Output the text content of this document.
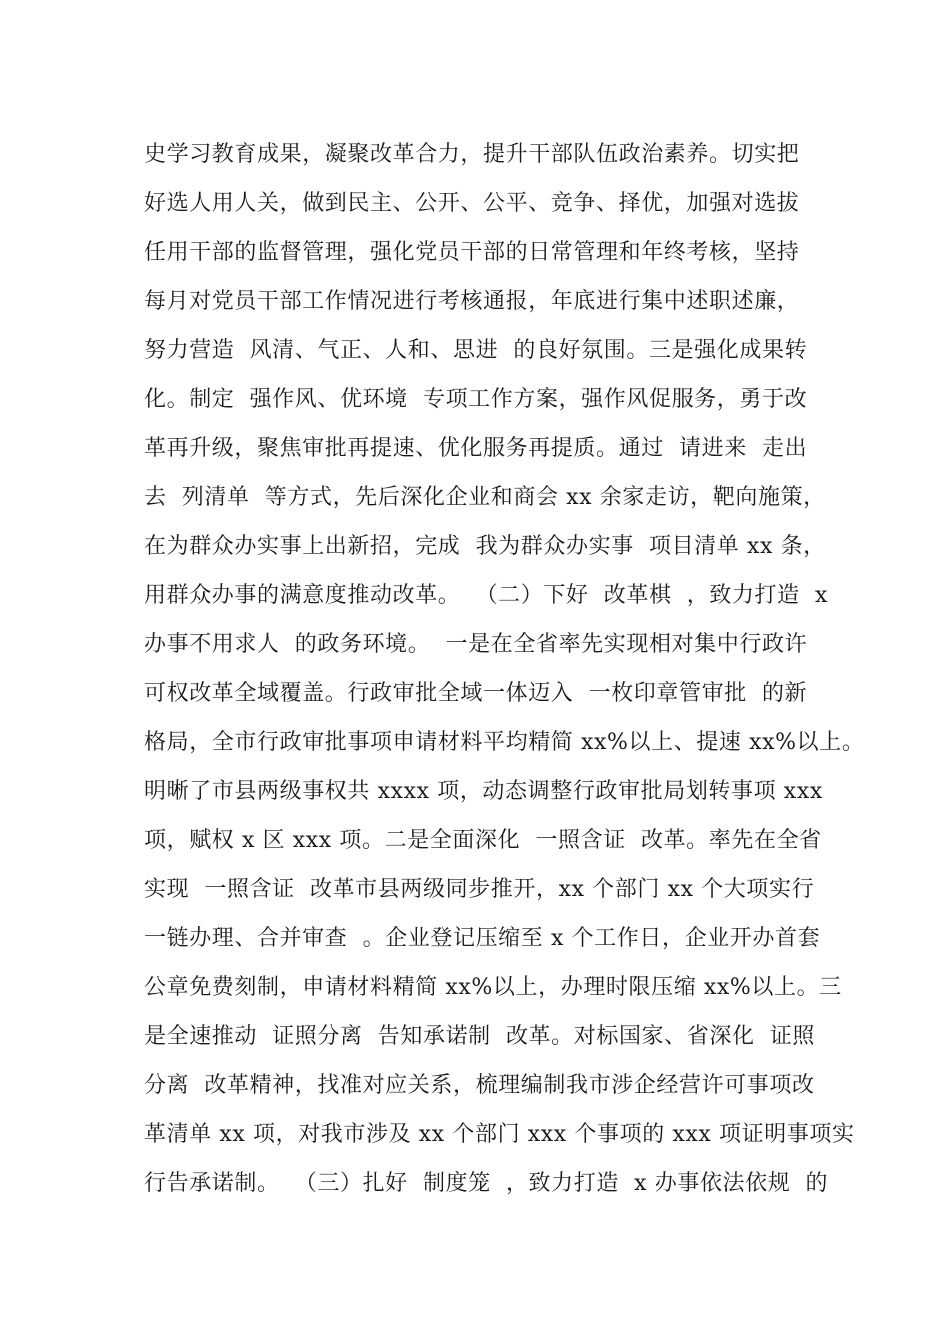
史学习教育成果，凝聚改革合力，提升干部队伍政治素养。切实把
好选人用人关，做到民主、公开、公平、竞争、择优，加强对选拔
任用干部的监督管理，强化党员干部的日常管理和年终考核，坚持
每月对党员干部工作情况进行考核通报，年底进行集中述职述廉，
努力营造  风清、气正、人和、思进  的良好氛围。三是强化成果转
化。制定  强作风、优环境  专项工作方案，强作风促服务，勇于改
革再升级，聚焦审批再提速、优化服务再提质。通过  请进来  走出
去  列清单  等方式，先后深化企业和商会 xx 余家走访，靶向施策，
在为群众办实事上出新招，完成  我为群众办实事  项目清单 xx 条，
用群众办事的满意度推动改革。  （二）下好  改革棋  ，致力打造  x
办事不用求人  的政务环境。  一是在全省率先实现相对集中行政许
可权改革全域覆盖。行政审批全域一体迈入  一枚印章管审批  的新
格局，全市行政审批事项申请材料平均精简 xx%以上、提速 xx%以上。
明晰了市县两级事权共 xxxx 项，动态调整行政审批局划转事项 xxx
项，赋权 x 区 xxx 项。二是全面深化  一照含证  改革。率先在全省
实现  一照含证  改革市县两级同步推开，xx 个部门 xx 个大项实行
一链办理、合并审查  。企业登记压缩至 x 个工作日，企业开办首套
公章免费刻制，申请材料精简 xx%以上，办理时限压缩 xx%以上。三
是全速推动  证照分离  告知承诺制  改革。对标国家、省深化  证照
分离  改革精神，找准对应关系，梳理编制我市涉企经营许可事项改
革清单 xx 项，对我市涉及 xx 个部门 xxx 个事项的 xxx 项证明事项实
行告承诺制。  （三）扎好  制度笼  ，致力打造  x 办事依法依规  的
